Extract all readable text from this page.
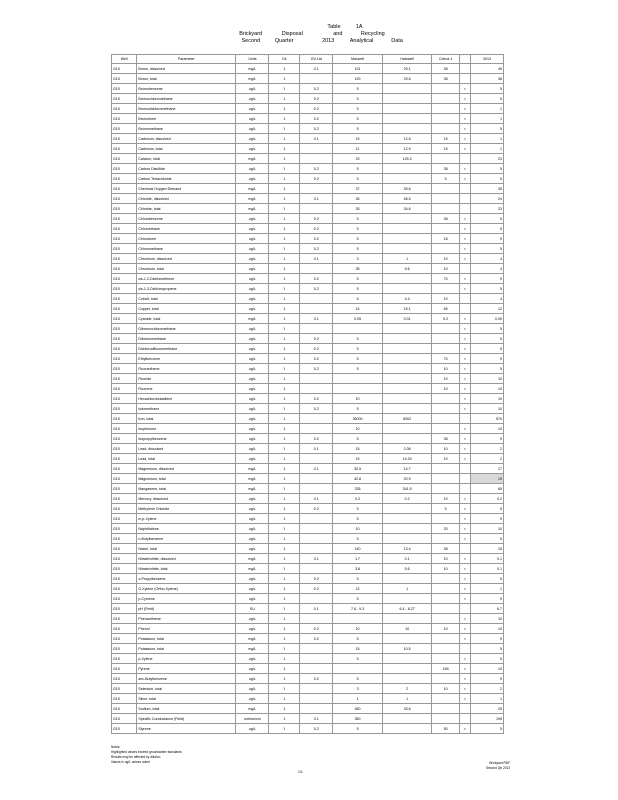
Table	1A
Brickyard	Disposal	and	Recycling
Second	Quarter	2013	Analytical	Data
Well	Parameter	Units	Dil	GV-Ltd	Maxwell	Hatswell	Colma 1		2013
G15	Boron, dissolved	mg/L	1	0.1	131	29.1	38		45
G15	Boron, total	mg/L	1		129	29.6	38		38
G15	Bromobenzene	ug/L	1	0.2	5			<	5
G15	Bromochloromethane	ug/L	1	0.2	5			<	5
G15	Bromodichloromethane	ug/L	1	0.2	5			<	1
G15	Bromoform	ug/L	1	0.2	5			<	1
G15	Bromomethane	ug/L	1	0.2	5			<	5
G15	Cadmium, dissolved	ug/L	1	0.1	15	12.6	15	<	1
G15	Cadmium, total	ug/L	1		11	12.9	15	<	1
G15	Calcium, total	mg/L	1		23	125.3			23
G15	Carbon Disulfide	ug/L	1	0.2	5		38	<	5
G15	Carbon Tetrachloride	ug/L	1	0.2	5		5	<	5
G15	Chemical Oxygen Demand	mg/L	1		37	35.6			35
G15	Chloride, dissolved	mg/L	1	0.1	26	46.5			24
G15	Chloride, total	mg/L	1		25	34.6			23
G15	Chlorobenzene	ug/L	1	0.2	5		38	<	5
G15	Chloroethane	ug/L	1	0.2	5			<	5
G15	Chloroform	ug/L	1	0.2	5		18	<	5
G15	Chloromethane	ug/L	1	0.2	5			<	5
G15	Chromium, dissolved	ug/L	1	0.1	3	1	10	<	4
G15	Chromium, total	ug/L	1		35	5.6	10		4
G15	cis-1,2-Dichloroethene	ug/L	1	0.2	5		70	<	5
G15	cis-1,3-Dichloropropene	ug/L	1	0.2	5			<	5
G15	Cobalt, total	ug/L	1		6	4.4	10		4
G15	Copper, total	ug/L	1		14	15.1	65		12
G15	Cyanide, total	mg/L	1	0.1	0.05	0.01	0.2	<	0.05
G15	Dibromochloromethane	ug/L	1					<	5
G15	Dibromomethane	ug/L	1	0.2	5			<	5
G15	Dichlorodifluoromethane	ug/L	1	0.2	5			<	5
G15	Ethylbenzene	ug/L	1	0.2	5		70	<	5
G15	Fluoranthene	ug/L	1	0.2	5		10	<	5
G15	Fluoride	ug/L	1				10	<	10
G15	Fluorene	ug/L	1				10	<	10
G15	Hexachlorobutadiene	ug/L	1	0.2	10			<	10
G15	Iodomethane	ug/L	1	0.2	5			<	10
G15	Iron, total	ug/L	1		35000	6002			570
G15	Isophorone	ug/L	1		10			<	10
G15	Isopropylbenzene	ug/L	1	0.2	5		38	<	5
G15	Lead, dissolved	ug/L	1	0.1	15	2.08	10	<	2
G15	Lead, total	ug/L	1		15	14.25	10	<	2
G15	Magnesium, dissolved	mg/L	1	0.1	30.5	14.7			17
G15	Magnesium, total	mg/L	1		42.8	20.9			19
G15	Manganese, total	mg/L	1		235	341.5			65
G15	Mercury, dissolved	ug/L	1	0.1	0.2	0.2	10	<	0.2
G15	Methylene Chloride	ug/L	1	0.2	5		5	<	5
G15	m,p-Xylene	ug/L	1		5			<	5
G15	Naphthalene	ug/L	1		10		20	<	10
G15	n-Butylbenzene	ug/L	1		5			<	5
G15	Nickel, total	ug/L	1		140	13.4	38		15
G15	Nitrate/nitrite, dissolved	mg/L	1	0.1	1.7	0.1	10	<	0.1
G15	Nitrate/nitrite, total	mg/L	1		3.8	5.6	10	<	0.1
G15	o-Propylbenzene	ug/L	1	0.2	5			<	5
G15	O-Xylene (Ortho-Xylene)	ug/L	1	0.2	13	1		<	1
G15	p-Cymene	ug/L	1		5			<	5
G15	pH (Field)	SU	1	0.1	7.6 - 9.3	6.4 - 8.27			6.7
G15	Phenanthrene	ug/L	1					<	10
G15	Phenol	ug/L	1	0.2	10	10	10	<	10
G15	Potassium, total	mg/L	1	0.2	5			<	5
G15	Potassium, total	mg/L	1		15	10.5			5
G15	p-Xylene	ug/L	1		5			<	5
G15	Pyrene	ug/L	1				165	<	10
G15	sec-Butylbenzene	ug/L	1	0.2	5			<	5
G15	Selenium, total	ug/L	1		3	2	10	<	2
G15	Silver, total	ug/L	1		1	1		<	1
G15	Sodium, total	mg/L	1		450	33.6			25
G15	Specific Conductance (Field)	umhos/cm	1	0.1	350				195
G15	Styrene	ug/L	1	0.2	5		50	<	5
Notes:
Highlighted values exceed groundwater standards
Results may be affected by dilution
Values in ug/L unless noted
1/1
Brickyard RDF
Second Qtr 2013
